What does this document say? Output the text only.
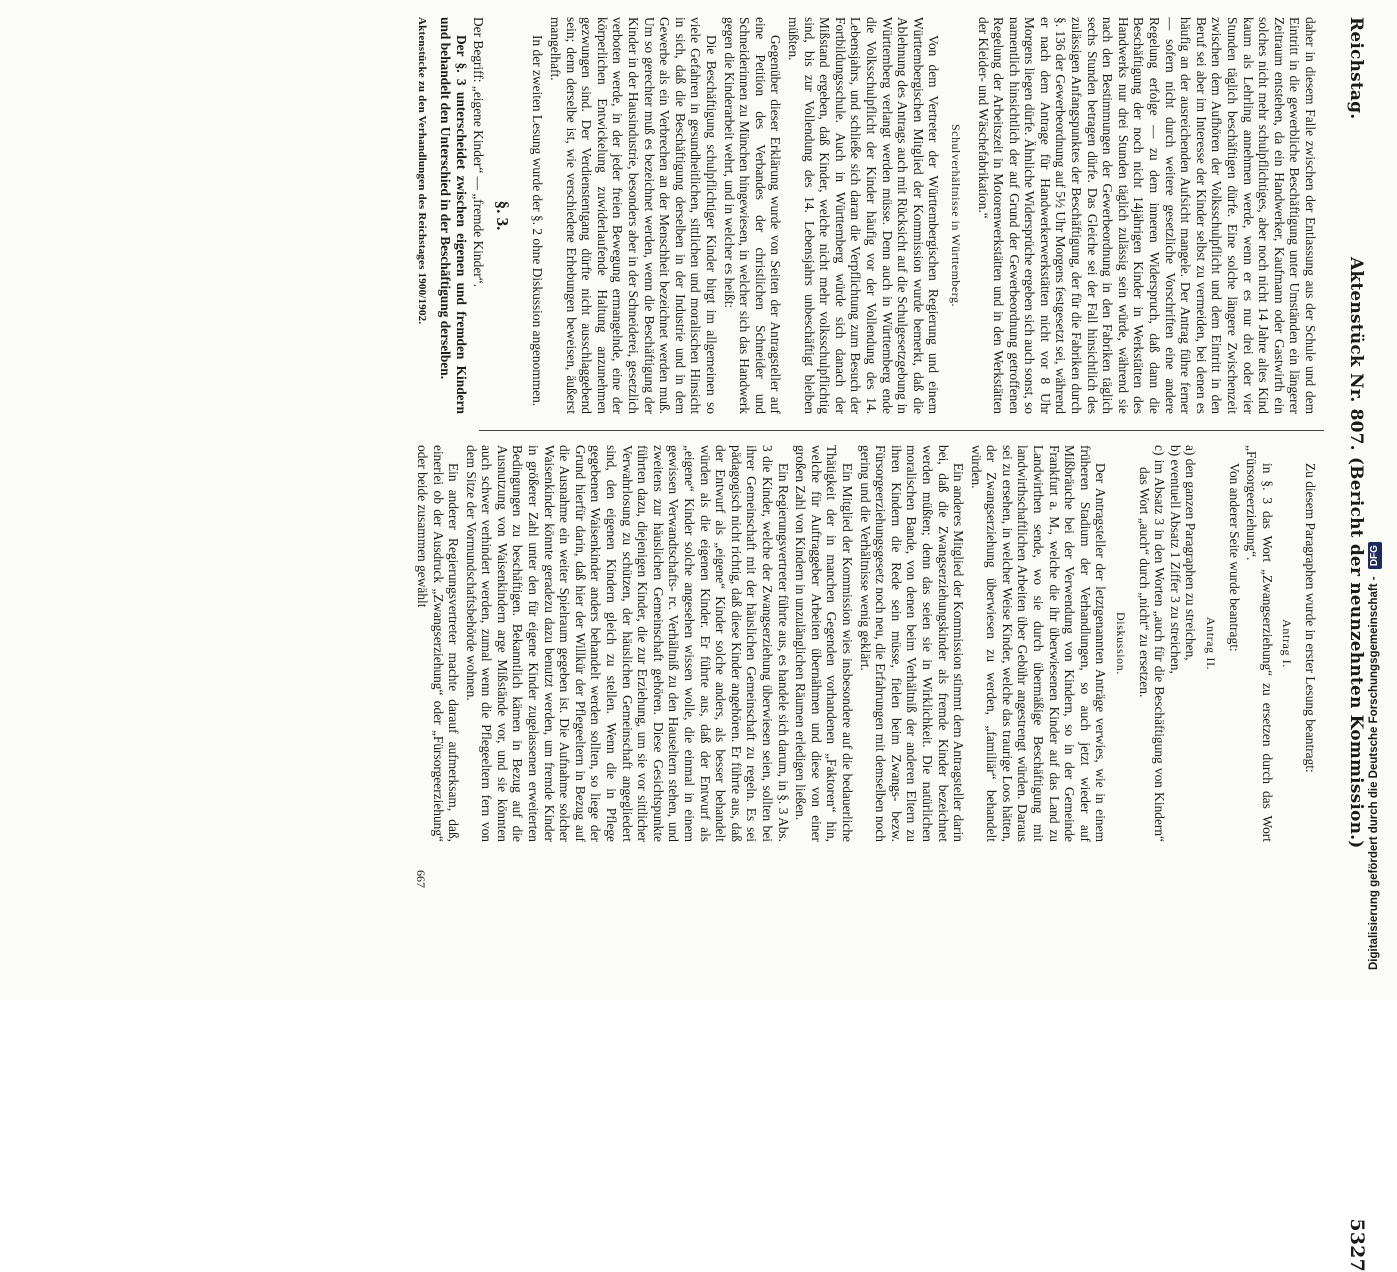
Reichstag.
Aktenstück Nr. 807. (Bericht der neunzehnten Kommission.)
5327

daher in diesem Falle zwischen der Entlassung aus der Schule und dem Eintritt in die gewerbliche Beschäftigung unter Umständen ein längerer Zeitraum entstehen, da ein Handwerker, Kaufmann oder Gastwirth ein solches nicht mehr schulpflichtiges, aber noch nicht 14 Jahre altes Kind kaum als Lehrling annehmen werde, wenn er es nur drei oder vier Stunden täglich beschäftigen dürfe. Eine solche längere Zwischenzeit zwischen dem Aufhören der Volksschulpflicht und dem Eintritt in den Beruf sei aber im Interesse der Kinder selbst zu vermeiden, bei denen es häufig an der ausreichenden Aufsicht mangele. Der Antrag führe ferner — sofern nicht durch weitere gesetzliche Vorschriften eine andere Regelung erfolge — zu dem inneren Widerspruch, daß dann die Beschäftigung der noch nicht 14jährigen Kinder in Werkstätten des Handwerks nur drei Stunden täglich zulässig sein würde, während sie nach den Bestimmungen der Gewerbeordnung in den Fabriken täglich sechs Stunden betragen dürfe. Das Gleiche sei der Fall hinsichtlich des zulässigen Anfangspunktes der Beschäftigung, der für die Fabriken durch §. 136 der Gewerbeordnung auf 5½ Uhr Morgens festgesetzt sei, während er nach dem Antrage für Handwerkerwerkstätten nicht vor 8 Uhr Morgens liegen dürfe. Ähnliche Widersprüche ergeben sich auch sonst, so namentlich hinsichtlich der auf Grund der Gewerbeordnung getroffenen Regelung der Arbeitszeit in Motorenwerkstätten und in den Werkstätten der Kleider- und Wäschefabrikation.“

Schulverhältnisse in Württemberg.

Von dem Vertreter der Württembergischen Regierung und einem Württembergischen Mitglied der Kommission wurde bemerkt, daß die Ablehnung des Antrags auch mit Rücksicht auf die Schulgesetzgebung in Württemberg verlangt werden müsse. Denn auch in Württemberg ende die Volksschulpflicht der Kinder häufig vor der Vollendung des 14. Lebensjahrs, und schließe sich daran die Verpflichtung zum Besuch der Fortbildungsschule. Auch in Württemberg würde sich danach der Mißstand ergeben, daß Kinder, welche nicht mehr volksschulpflichtig sind, bis zur Vollendung des 14. Lebensjahrs unbeschäftigt bleiben müßten.

Gegenüber dieser Erklärung wurde von Seiten der Antragsteller auf eine Petition des Verbandes der christlichen Schneider und Schneiderinnen zu München hingewiesen, in welcher sich das Handwerk gegen die Kinderarbeit wehrt, und in welcher es heißt:

Die Beschäftigung schulpflichtiger Kinder birgt im allgemeinen so viele Gefahren in gesundheitlichen, sittlichen und moralischen Hinsicht in sich, daß die Beschäftigung derselben in der Industrie und in dem Gewerbe als ein Verbrechen an der Menschheit bezeichnet werden muß. Um so gerechter muß es bezeichnet werden, wenn die Beschäftigung der Kinder in der Hausindustrie, besonders aber in der Schneiderei, gesetzlich verboten werde, in der jeder freien Bewegung ermangelnde, eine der körperlichen Entwickelung zuwiderlaufende Haltung anzunehmen gezwungen sind. Der Verdienstentgang dürfte nicht ausschlaggebend sein; denn derselbe ist, wie verschiedene Erhebungen beweisen, äußerst mangelhaft.

In der zweiten Lesung wurde der §. 2 ohne Diskussion angenommen.

§. 3.

Der Begriff: „eigene Kinder“ — „fremde Kinder“.

Der §. 3 unterscheidet zwischen eigenen und fremden Kindern und behandelt den Unterschied in der Beschäftigung derselben.

Zu diesem Paragraphen wurde in erster Lesung beantragt:

Antrag I.

in §. 3 das Wort „Zwangserziehung“ zu ersetzen durch das Wort „Fürsorgeerziehung“.

Von anderer Seite wurde beantragt:

Antrag II.

a) den ganzen Paragraphen zu streichen,

b) eventuell Absatz 1 Ziffer 3 zu streichen,

c) im Absatz 3 in den Worten „auch für die Beschäftigung von Kindern“ das Wort „auch“ durch „nicht“ zu ersetzen.

Diskussion.

Der Antragsteller der letztgenannten Anträge verwies, wie in einem früheren Stadium der Verhandlungen, so auch jetzt wieder auf Mißbräuche bei der Verwendung von Kindern, so in der Gemeinde Frankfurt a. M., welche die ihr überwiesenen Kinder auf das Land zu Landwirthen sende, wo sie durch übermäßige Beschäftigung mit landwirthschaftlichen Arbeiten über Gebühr angestrengt würden. Daraus sei zu ersehen, in welcher Weise Kinder, welche das traurige Loos hätten, der Zwangserziehung überwiesen zu werden, „familiär“ behandelt würden.

Ein anderes Mitglied der Kommission stimmt dem Antragsteller darin bei, daß die Zwangserziehungskinder als fremde Kinder bezeichnet werden müßten; denn das seien sie in Wirklichkeit. Die natürlichen moralischen Bande, von denen beim Verhältniß der anderen Eltern zu ihren Kindern die Rede sein müsse, fielen beim Zwangs- bezw. Fürsorgeerziehungsgesetz noch neu, die Erfahrungen mit demselben noch gering und die Verhältnisse wenig geklärt.

Ein Mitglied der Kommission wies insbesondere auf die bedauerliche Thätigkeit der in manchen Gegenden vorhandenen „Faktoren“ hin, welche für Auftraggeber Arbeiten übernähmen und diese von einer großen Zahl von Kindern in unzulänglichen Räumen erledigen ließen.

Ein Regierungsvertreter führte aus, es handele sich darum, in §. 3 Abs. 3 die Kinder, welche der Zwangserziehung überwiesen seien, sollten bei ihrer Gemeinschaft mit der häuslichen Gemeinschaft zu regeln. Es sei pädagogisch nicht richtig, daß diese Kinder angehören. Er führte aus, daß der Entwurf als „eigene“ Kinder solche anders, als besser behandelt würden als die eigenen Kinder. Er führte aus, daß der Entwurf als „eigene“ Kinder solche angesehen wissen wolle, die einmal in einem gewissen Verwandtschafts- rc. Verhältniß zu den Hauseltern stehen, und zweitens zur häuslichen Gemeinschaft gehören. Diese Gesichtspunkte führten dazu, diejenigen Kinder, die zur Erziehung, um sie vor sittlicher Verwahrlosung zu schützen, der häuslichen Gemeinschaft angegliedert sind, den eigenen Kindern gleich zu stellen. Wenn die in Pflege gegebenen Waisenkinder anders behandelt werden sollten, so liege der Grund hierfür darin, daß hier der Willkür der Pflegeeltern in Bezug auf die Ausnahme ein weiter Spielraum gegeben ist. Die Aufnahme solcher Waisenkinder könnte geradezu dazu benutzt werden, um fremde Kinder in größerer Zahl unter den für eigene Kinder zugelassenen erweiterten Bedingungen zu beschäftigen. Bekanntlich kämen in Bezug auf die Ausnutzung von Waisenkindern arge Mißstände vor, und sie könnten auch schwer verhindert werden, zumal wenn die Pflegeeltern fern von dem Sitze der Vormundschaftsbehörde wohnen.

Ein anderer Regierungsvertreter machte darauf aufmerksam, daß, einerlei ob der Ausdruck „Zwangserziehung“ oder „Fürsorgeerziehung“ oder beide zusammen gewählt

Aktenstücke zu den Verhandlungen des Reichstages 1900/1902.
667	Digitalisierung gefördert durch die Deutsche Forschungsgemeinschaft - DFG
